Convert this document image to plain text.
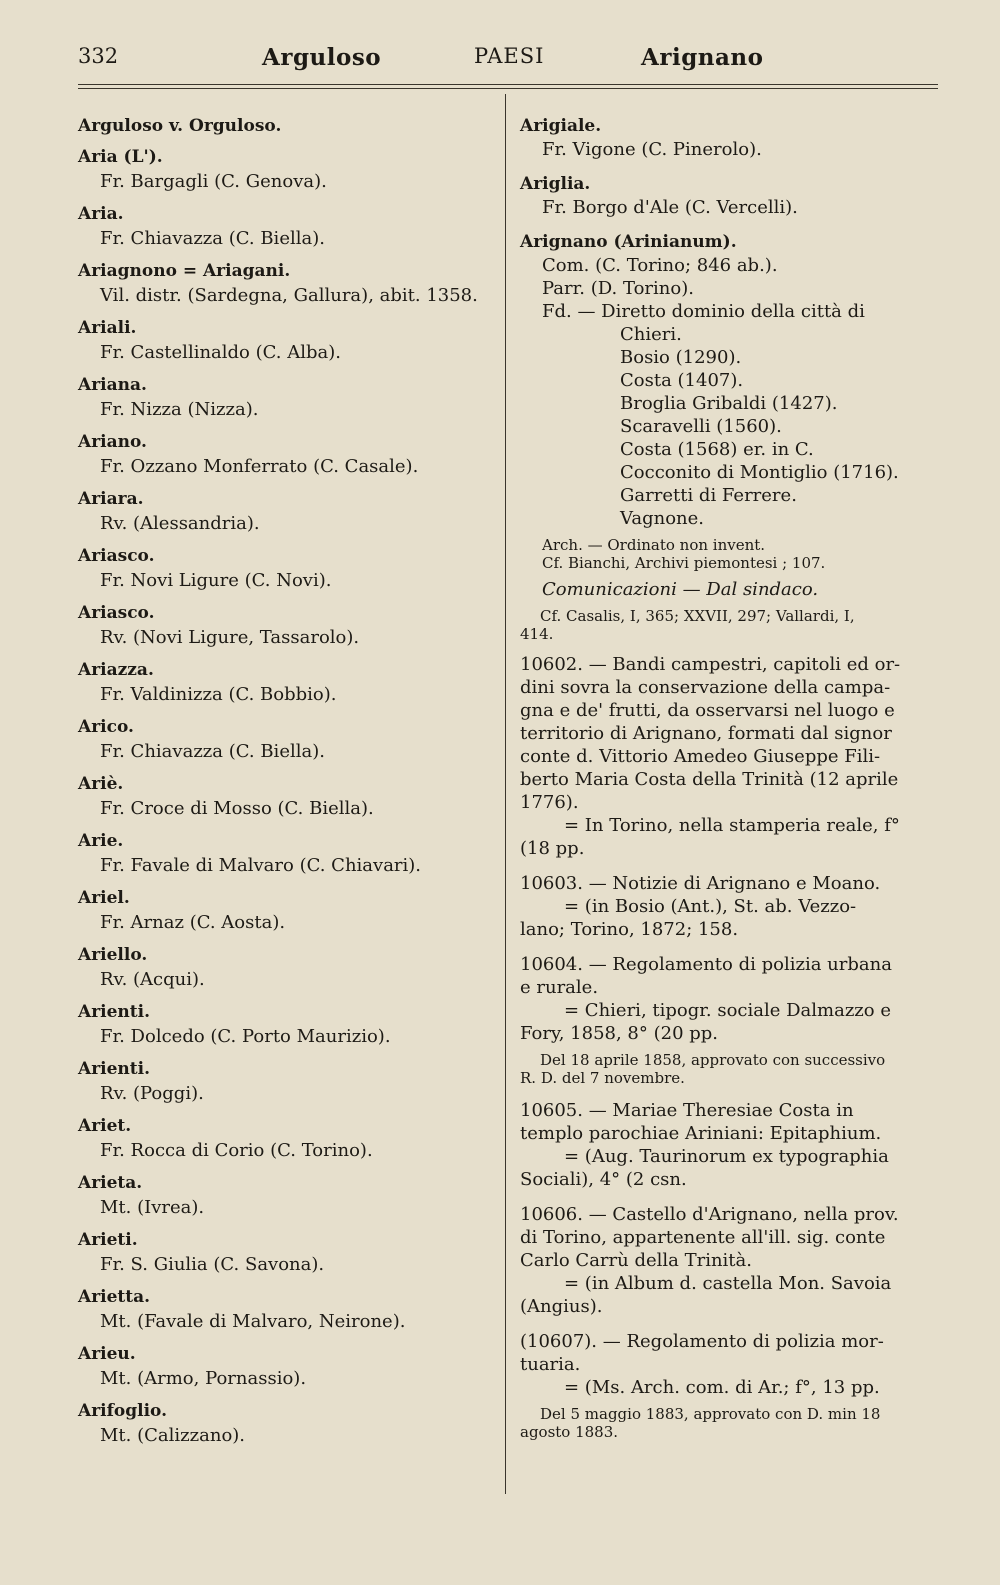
332	Arguloso	PAESI	Arignano
Arguloso v. Orguloso.
Aria (L').
Fr. Bargagli (C. Genova).
Aria.
Fr. Chiavazza (C. Biella).
Ariagnono = Ariagani.
Vil. distr. (Sardegna, Gallura), abit. 1358.
Ariali.
Fr. Castellinaldo (C. Alba).
Ariana.
Fr. Nizza (Nizza).
Ariano.
Fr. Ozzano Monferrato (C. Casale).
Ariara.
Rv. (Alessandria).
Ariasco.
Fr. Novi Ligure (C. Novi).
Ariasco.
Rv. (Novi Ligure, Tassarolo).
Ariazza.
Fr. Valdinizza (C. Bobbio).
Arico.
Fr. Chiavazza (C. Biella).
Ariè.
Fr. Croce di Mosso (C. Biella).
Arie.
Fr. Favale di Malvaro (C. Chiavari).
Ariel.
Fr. Arnaz (C. Aosta).
Ariello.
Rv. (Acqui).
Arienti.
Fr. Dolcedo (C. Porto Maurizio).
Arienti.
Rv. (Poggi).
Ariet.
Fr. Rocca di Corio (C. Torino).
Arieta.
Mt. (Ivrea).
Arieti.
Fr. S. Giulia (C. Savona).
Arietta.
Mt. (Favale di Malvaro, Neirone).
Arieu.
Mt. (Armo, Pornassio).
Arifoglio.
Mt. (Calizzano).
Arigiale.
Fr. Vigone (C. Pinerolo).
Ariglia.
Fr. Borgo d'Ale (C. Vercelli).
Arignano (Arinianum).
Com. (C. Torino; 846 ab.).
Parr. (D. Torino).
Fd. — Diretto dominio della città di
Chieri.
Bosio (1290).
Costa (1407).
Broglia Gribaldi (1427).
Scaravelli (1560).
Costa (1568) er. in C.
Cocconito di Montiglio (1716).
Garretti di Ferrere.
Vagnone.
Arch. — Ordinato non invent.
Cf. Bianchi, Archivi piemontesi ; 107.
Comunicazioni — Dal sindaco.
Cf. Casalis, I, 365; XXVII, 297; Vallardi, I,
414.
10602. — Bandi campestri, capitoli ed or-
dini sovra la conservazione della campa-
gna e de' frutti, da osservarsi nel luogo e
territorio di Arignano, formati dal signor
conte d. Vittorio Amedeo Giuseppe Fili-
berto Maria Costa della Trinità (12 aprile
1776).
= In Torino, nella stamperia reale, f°
(18 pp.
10603. — Notizie di Arignano e Moano.
= (in Bosio (Ant.), St. ab. Vezzo-
lano; Torino, 1872; 158.
10604. — Regolamento di polizia urbana
e rurale.
= Chieri, tipogr. sociale Dalmazzo e
Fory, 1858, 8° (20 pp.
Del 18 aprile 1858, approvato con successivo
R. D. del 7 novembre.
10605. — Mariae Theresiae Costa in
templo parochiae Ariniani: Epitaphium.
= (Aug. Taurinorum ex typographia
Sociali), 4° (2 csn.
10606. — Castello d'Arignano, nella prov.
di Torino, appartenente all'ill. sig. conte
Carlo Carrù della Trinità.
= (in Album d. castella Mon. Savoia
(Angius).
(10607). — Regolamento di polizia mor-
tuaria.
= (Ms. Arch. com. di Ar.; f°, 13 pp.
Del 5 maggio 1883, approvato con D. min 18
agosto 1883.
